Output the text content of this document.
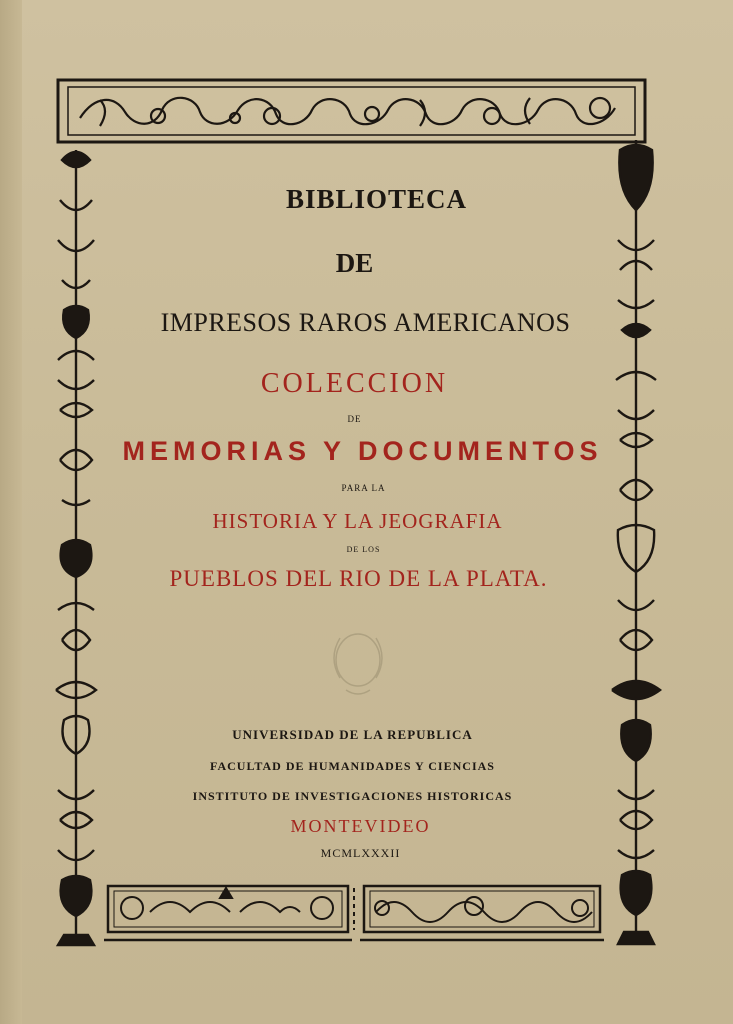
BIBLIOTECA
DE
IMPRESOS RAROS AMERICANOS
COLECCION
DE
MEMORIAS Y DOCUMENTOS
PARA LA
HISTORIA Y LA JEOGRAFIA
DE LOS
PUEBLOS DEL RIO DE LA PLATA.
UNIVERSIDAD DE LA REPUBLICA
FACULTAD DE HUMANIDADES Y CIENCIAS
INSTITUTO DE INVESTIGACIONES HISTORICAS
MONTEVIDEO
MCMLXXXII
